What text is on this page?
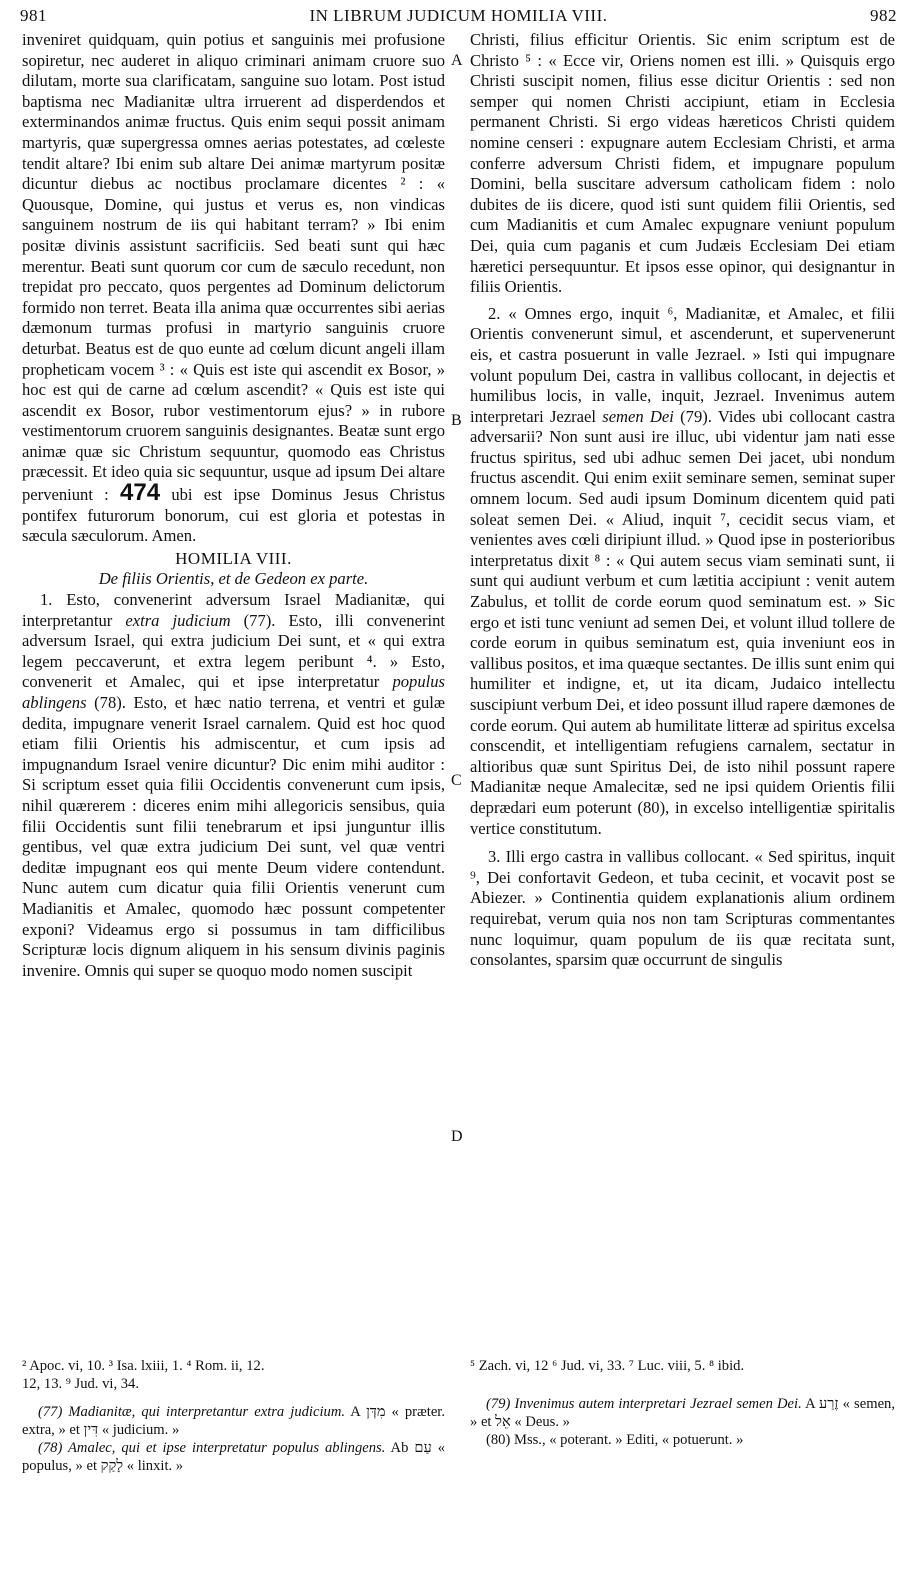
981	IN LIBRUM JUDICUM HOMILIA VIII.	982
A
B
C
D

inveniret quidquam, quin potius et sanguinis mei profusione sopiretur, nec auderet in aliquo criminari animam cruore suo dilutam, morte sua clarificatam, sanguine suo lotam. Post istud baptisma nec Madianitæ ultra irruerent ad disperdendos et exterminandos animæ fructus. Quis enim sequi possit animam martyris, quæ supergressa omnes aerias potestates, ad cœleste tendit altare? Ibi enim sub altare Dei animæ martyrum positæ dicuntur diebus ac noctibus proclamare dicentes ² : « Quousque, Domine, qui justus et verus es, non vindicas sanguinem nostrum de iis qui habitant terram? » Ibi enim positæ divinis assistunt sacrificiis. Sed beati sunt qui hæc merentur. Beati sunt quorum cor cum de sæculo recedunt, non trepidat pro peccato, quos pergentes ad Dominum delictorum formido non terret. Beata illa anima quæ occurrentes sibi aerias dæmonum turmas profusi in martyrio sanguinis cruore deturbat. Beatus est de quo eunte ad cœlum dicunt angeli illam propheticam vocem ³ : « Quis est iste qui ascendit ex Bosor, » hoc est qui de carne ad cœlum ascendit? « Quis est iste qui ascendit ex Bosor, rubor vestimentorum ejus? » in rubore vestimentorum cruorem sanguinis designantes. Beatæ sunt ergo animæ quæ sic Christum sequuntur, quomodo eas Christus præcessit. Et ideo quia sic sequuntur, usque ad ipsum Dei altare perveniunt : 474 ubi est ipse Dominus Jesus Christus pontifex futurorum bonorum, cui est gloria et potestas in sæcula sæculorum. Amen.

HOMILIA VIII.
De filiis Orientis, et de Gedeon ex parte.

1. Esto, convenerint adversum Israel Madianitæ, qui interpretantur extra judicium (77). Esto, illi convenerint adversum Israel, qui extra judicium Dei sunt, et « qui extra legem peccaverunt, et extra legem peribunt ⁴. » Esto, convenerit et Amalec, qui et ipse interpretatur populus ablingens (78). Esto, et hæc natio terrena, et ventri et gulæ dedita, impugnare venerit Israel carnalem. Quid est hoc quod etiam filii Orientis his admiscentur, et cum ipsis ad impugnandum Israel venire dicuntur? Dic enim mihi auditor : Si scriptum esset quia filii Occidentis convenerunt cum ipsis, nihil quærerem : diceres enim mihi allegoricis sensibus, quia filii Occidentis sunt filii tenebrarum et ipsi junguntur illis gentibus, vel quæ extra judicium Dei sunt, vel quæ ventri deditæ impugnant eos qui mente Deum videre contendunt. Nunc autem cum dicatur quia filii Orientis venerunt cum Madianitis et Amalec, quomodo hæc possunt competenter exponi? Videamus ergo si possumus in tam difficilibus Scripturæ locis dignum aliquem in his sensum divinis paginis invenire. Omnis qui super se quoquo modo nomen suscipit

Christi, filius efficitur Orientis. Sic enim scriptum est de Christo ⁵ : « Ecce vir, Oriens nomen est illi. » Quisquis ergo Christi suscipit nomen, filius esse dicitur Orientis : sed non semper qui nomen Christi accipiunt, etiam in Ecclesia permanent Christi. Si ergo videas hæreticos Christi quidem nomine censeri : expugnare autem Ecclesiam Christi, et arma conferre adversum Christi fidem, et impugnare populum Domini, bella suscitare adversum catholicam fidem : nolo dubites de iis dicere, quod isti sunt quidem filii Orientis, sed cum Madianitis et cum Amalec expugnare veniunt populum Dei, quia cum paganis et cum Judæis Ecclesiam Dei etiam hæretici persequuntur. Et ipsos esse opinor, qui designantur in filiis Orientis.

2. « Omnes ergo, inquit ⁶, Madianitæ, et Amalec, et filii Orientis convenerunt simul, et ascenderunt, et supervenerunt eis, et castra posuerunt in valle Jezrael. » Isti qui impugnare volunt populum Dei, castra in vallibus collocant, in dejectis et humilibus locis, in valle, inquit, Jezrael. Invenimus autem interpretari Jezrael semen Dei (79). Vides ubi collocant castra adversarii? Non sunt ausi ire illuc, ubi videntur jam nati esse fructus spiritus, sed ubi adhuc semen Dei jacet, ubi nondum fructus ascendit. Qui enim exiit seminare semen, seminat super omnem locum. Sed audi ipsum Dominum dicentem quid pati soleat semen Dei. « Aliud, inquit ⁷, cecidit secus viam, et venientes aves cœli diripiunt illud. » Quod ipse in posterioribus interpretatus dixit ⁸ : « Qui autem secus viam seminati sunt, ii sunt qui audiunt verbum et cum lætitia accipiunt : venit autem Zabulus, et tollit de corde eorum quod seminatum est. » Sic ergo et isti tunc veniunt ad semen Dei, et volunt illud tollere de corde eorum in quibus seminatum est, quia inveniunt eos in vallibus positos, et ima quæque sectantes. De illis sunt enim qui humiliter et indigne, et, ut ita dicam, Judaico intellectu suscipiunt verbum Dei, et ideo possunt illud rapere dæmones de corde eorum. Qui autem ab humilitate litteræ ad spiritus excelsa conscendit, et intelligentiam refugiens carnalem, sectatur in altioribus quæ sunt Spiritus Dei, de isto nihil possunt rapere Madianitæ neque Amalecitæ, sed ne ipsi quidem Orientis filii deprædari eum poterunt (80), in excelso intelligentiæ spiritalis vertice constitutum.

3. Illi ergo castra in vallibus collocant. « Sed spiritus, inquit ⁹, Dei confortavit Gedeon, et tuba cecinit, et vocavit post se Abiezer. » Continentia quidem explanationis alium ordinem requirebat, verum quia nos non tam Scripturas commentantes nunc loquimur, quam populum de iis quæ recitata sunt, consolantes, sparsim quæ occurrunt de singulis

² Apoc. vi, 10. ³ Isa. lxiii, 1. ⁴ Rom. ii, 12.

12, 13. ⁹ Jud. vi, 34.

(77) Madianitæ, qui interpretantur extra judicium. A מִדְּן « præter. extra, » et דִּין « judicium. »

(78) Amalec, qui et ipse interpretatur populus ablingens. Ab עַם « populus, » et לָקַק « linxit. »

⁵ Zach. vi, 12 ⁶ Jud. vi, 33. ⁷ Luc. viii, 5. ⁸ ibid.

(79) Invenimus autem interpretari Jezrael semen Dei. A זֶרַע « semen, » et אֵל « Deus. »

(80) Mss., « poterant. » Editi, « potuerunt. »
